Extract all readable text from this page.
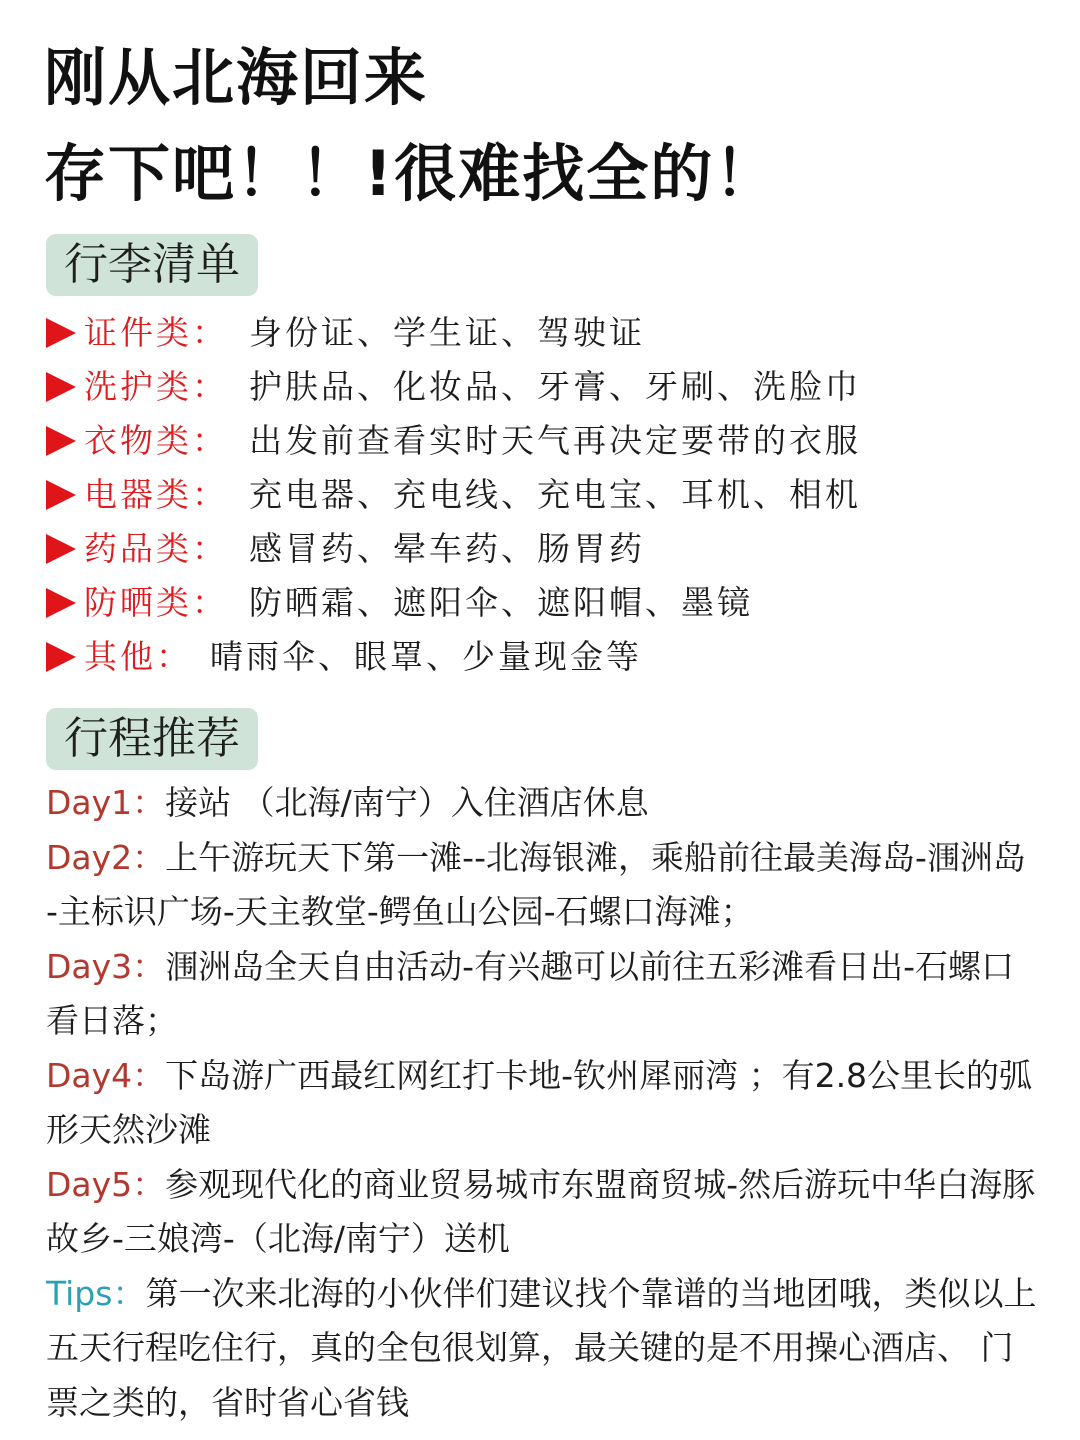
刚从北海回来
存下吧！！!很难找全的！
行李清单
证件类： 身份证、学生证、驾驶证
洗护类： 护肤品、化妆品、牙膏、牙刷、洗脸巾
衣物类： 出发前查看实时天气再决定要带的衣服
电器类： 充电器、充电线、充电宝、耳机、相机
药品类： 感冒药、晕车药、肠胃药
防晒类： 防晒霜、遮阳伞、遮阳帽、墨镜
其他： 晴雨伞、眼罩、少量现金等
行程推荐

Day1：接站 （北海/南宁）入住酒店休息

Day2：上午游玩天下第一滩--北海银滩，乘船前往最美海岛-涠洲岛 -主标识广场-天主教堂-鳄鱼山公园-石螺口海滩；

Day3：涠洲岛全天自由活动-有兴趣可以前往五彩滩看日出-石螺口看日落；

Day4：下岛游广西最红网红打卡地-钦州犀丽湾 ；有2.8公里长的弧形天然沙滩

Day5：参观现代化的商业贸易城市东盟商贸城-然后游玩中华白海豚故乡-三娘湾-（北海/南宁）送机

Tips：第一次来北海的小伙伴们建议找个靠谱的当地团哦，类似以上五天行程吃住行，真的全包很划算，最关键的是不用操心酒店、 门票之类的，省时省心省钱
